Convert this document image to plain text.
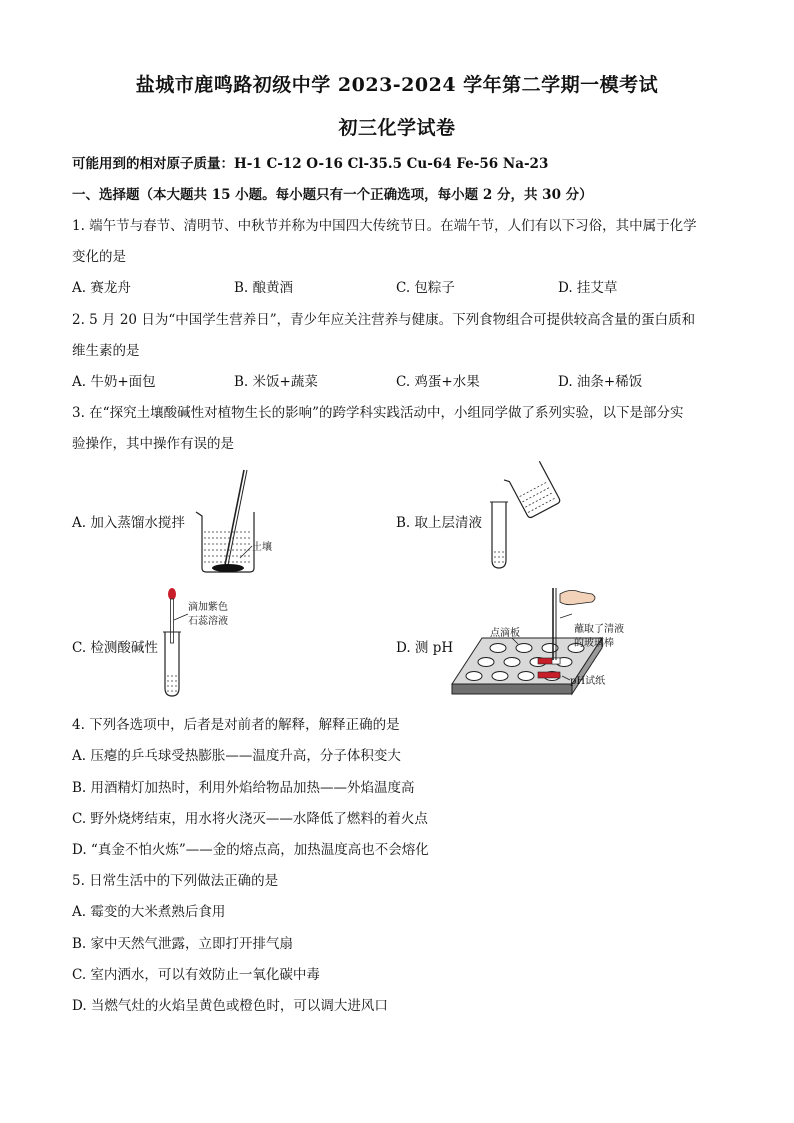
盐城市鹿鸣路初级中学 2023-2024 学年第二学期一模考试
初三化学试卷
可能用到的相对原子质量：H-1 C-12 O-16 Cl-35.5 Cu-64 Fe-56 Na-23
一、选择题（本大题共 15 小题。每小题只有一个正确选项，每小题 2 分，共 30 分）
1. 端午节与春节、清明节、中秋节并称为中国四大传统节日。在端午节，人们有以下习俗，其中属于化学
变化的是
A. 赛龙舟	B. 酿黄酒	C. 包粽子	D. 挂艾草
2. 5 月 20 日为“中国学生营养日”，青少年应关注营养与健康。下列食物组合可提供较高含量的蛋白质和
维生素的是
A. 牛奶+面包	B. 米饭+蔬菜	C. 鸡蛋+水果	D. 油条+稀饭
3. 在“探究土壤酸碱性对植物生长的影响”的跨学科实践活动中，小组同学做了系列实验，以下是部分实
验操作，其中操作有误的是
A. 加入蒸馏水搅拌	B. 取上层清液
C. 检测酸碱性	D. 测 pH
土壤
滴加紫色
石蕊溶液
点滴板	蘸取了清液
的玻璃棒
pH试纸
4. 下列各选项中，后者是对前者的解释，解释正确的是
A. 压瘪的乒乓球受热膨胀——温度升高，分子体积变大
B. 用酒精灯加热时，利用外焰给物品加热——外焰温度高
C. 野外烧烤结束，用水将火浇灭——水降低了燃料的着火点
D. “真金不怕火炼”——金的熔点高，加热温度高也不会熔化
5. 日常生活中的下列做法正确的是
A. 霉变的大米煮熟后食用
B. 家中天然气泄露，立即打开排气扇
C. 室内洒水，可以有效防止一氧化碳中毒
D. 当燃气灶的火焰呈黄色或橙色时，可以调大进风口
